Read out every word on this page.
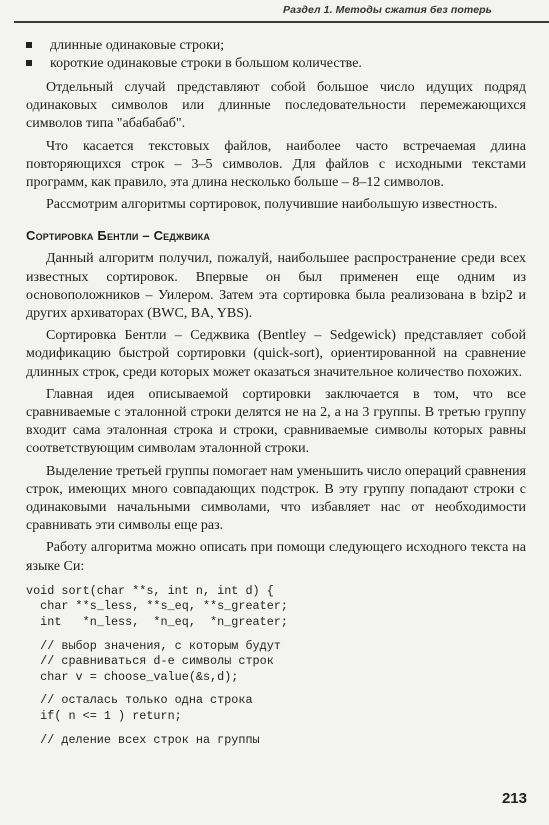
Раздел 1. Методы сжатия без потерь
длинные одинаковые строки;
короткие одинаковые строки в большом количестве.

Отдельный случай представляют собой большое число идущих подряд одинаковых символов или длинные последовательности перемежающихся символов типа "абабабаб".

Что касается текстовых файлов, наиболее часто встречаемая длина повторяющихся строк – 3–5 символов. Для файлов с исходными текстами программ, как правило, эта длина несколько больше – 8–12 символов.

Рассмотрим алгоритмы сортировок, получившие наибольшую известность.

Сортировка Бентли – Седжвика

Данный алгоритм получил, пожалуй, наибольшее распространение среди всех известных сортировок. Впервые он был применен еще одним из основоположников – Уилером. Затем эта сортировка была реализована в bzip2 и других архиваторах (BWC, BA, YBS).

Сортировка Бентли – Седжвика (Bentley – Sedgewick) представляет собой модификацию быстрой сортировки (quick-sort), ориентированной на сравнение длинных строк, среди которых может оказаться значительное количество похожих.

Главная идея описываемой сортировки заключается в том, что все сравниваемые с эталонной строки делятся не на 2, а на 3 группы. В третью группу входит сама эталонная строка и строки, сравниваемые символы которых равны соответствующим символам эталонной строки.

Выделение третьей группы помогает нам уменьшить число операций сравнения строк, имеющих много совпадающих подстрок. В эту группу попадают строки с одинаковыми начальными символами, что избавляет нас от необходимости сравнивать эти символы еще раз.

Работу алгоритма можно описать при помощи следующего исходного текста на языке Си:

void sort(char **s, int n, int d) {
char **s_less, **s_eq, **s_greater;
int   *n_less,  *n_eq,  *n_greater;
// выбор значения, с которым будут
// сравниваться d-е символы строк
char v = choose_value(&s,d);
// осталась только одна строка
if( n <= 1 ) return;
// деление всех строк на группы
213
